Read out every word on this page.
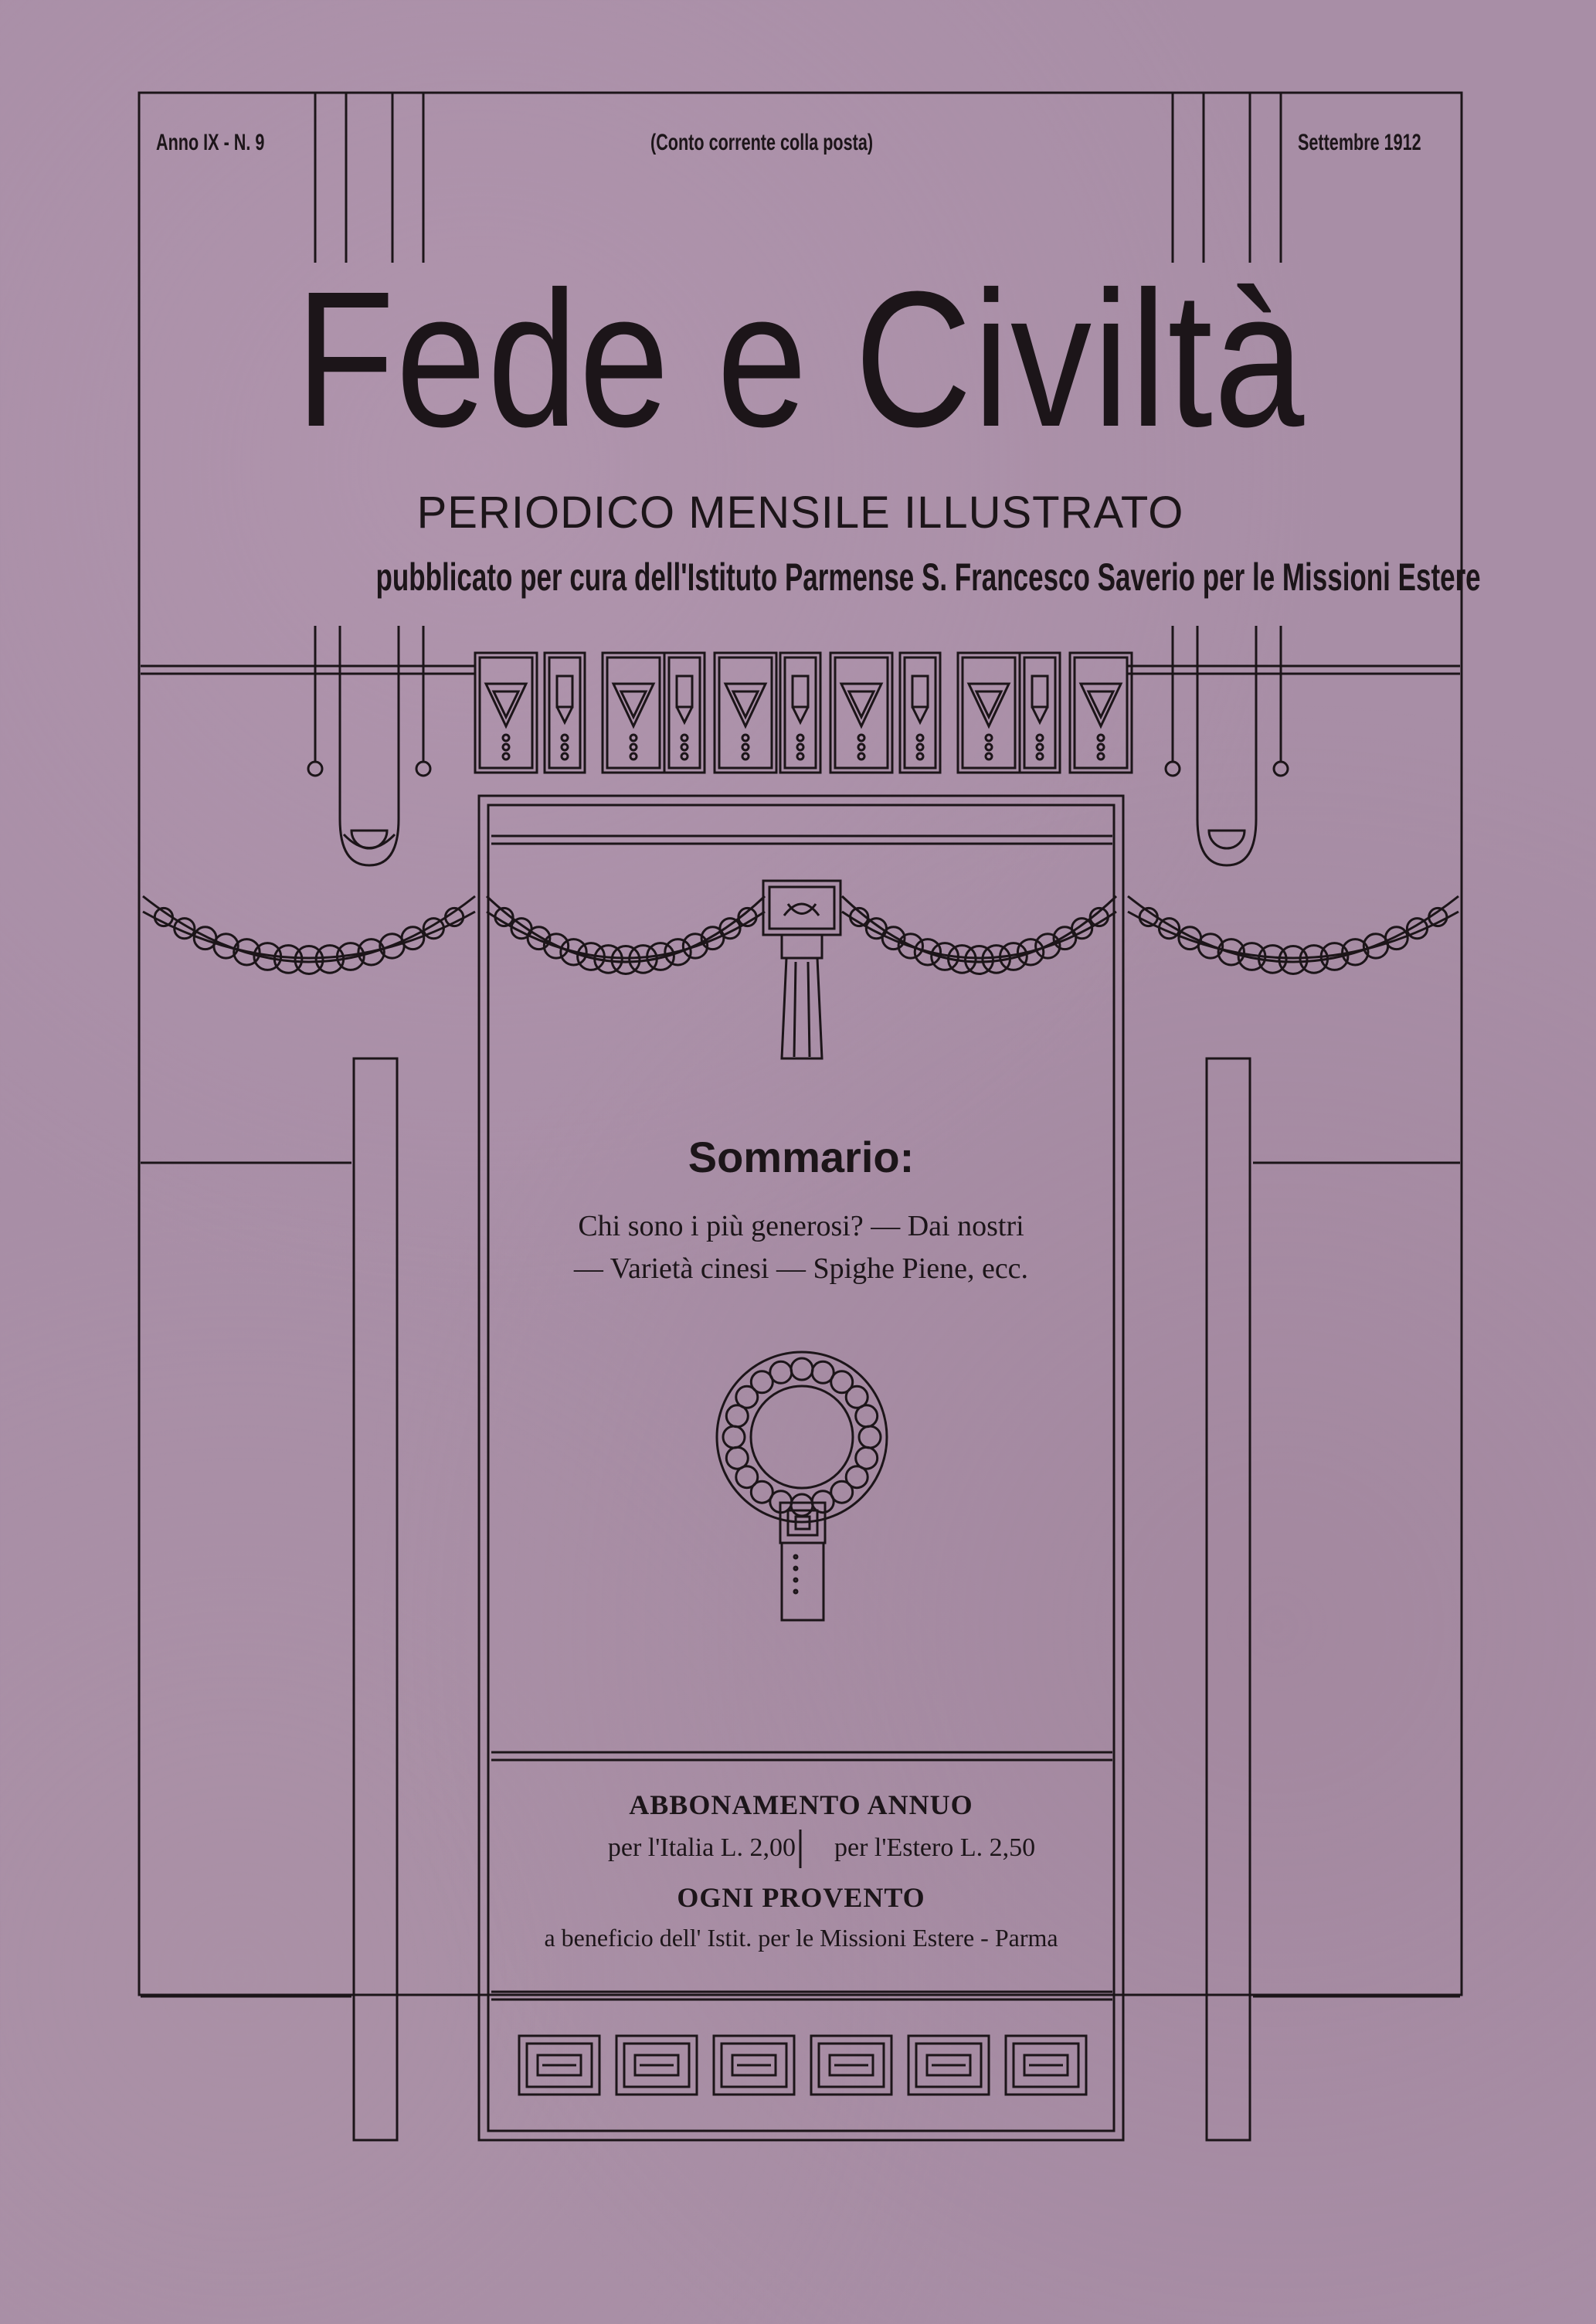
Anno IX - N. 9	(Conto corrente colla posta)	Settembre 1912
Fede e Civiltà
PERIODICO MENSILE ILLUSTRATO
pubblicato per cura dell'Istituto Parmense S. Francesco Saverio per le Missioni Estere
Sommario:
Chi sono i più generosi? — Dai nostri
— Varietà cinesi — Spighe Piene, ecc.
ABBONAMENTO ANNUO
per l'Italia L. 2,00 per l'Estero L. 2,50
OGNI PROVENTO
a beneficio dell' Istit. per le Missioni Estere - Parma
